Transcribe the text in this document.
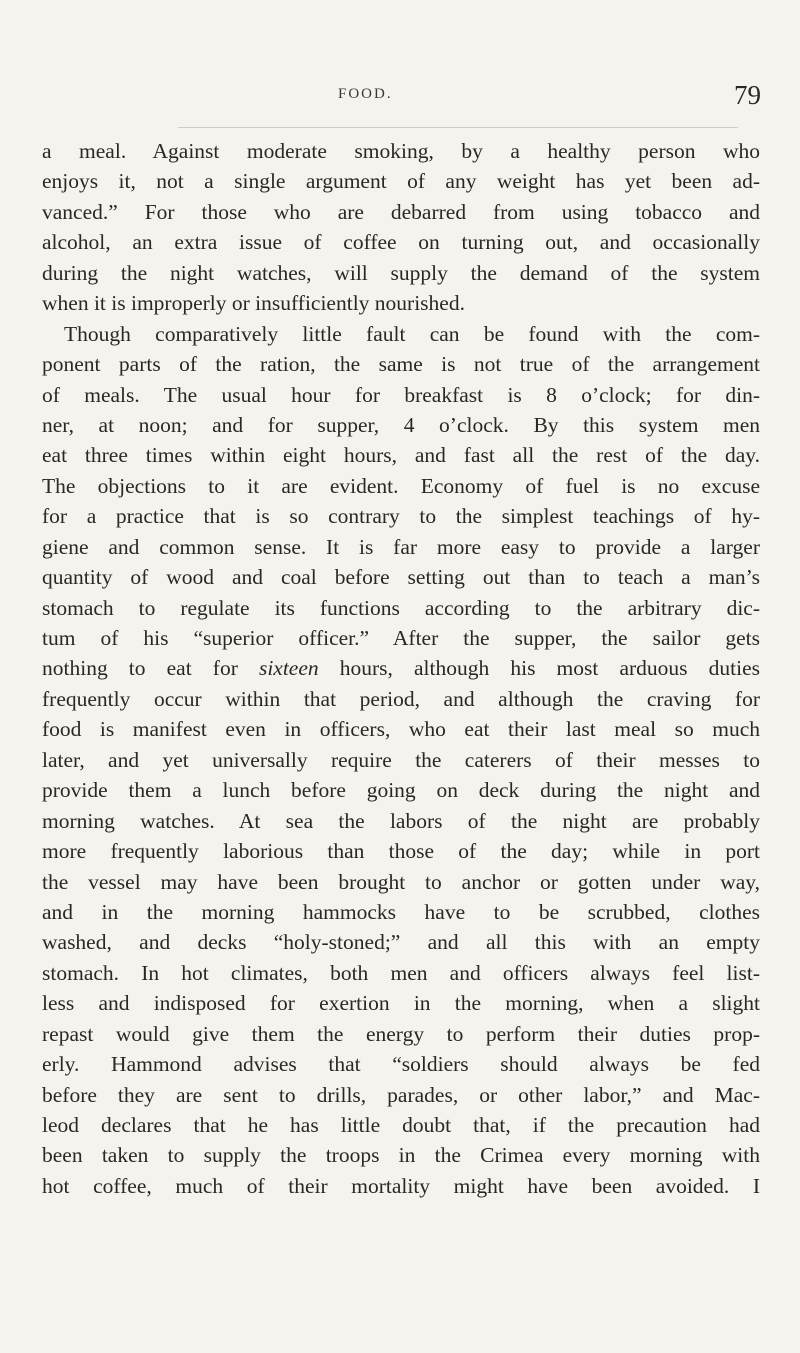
FOOD.	79
a meal. Against moderate smoking, by a healthy person who
enjoys it, not a single argument of any weight has yet been ad-
vanced.” For those who are debarred from using tobacco and
alcohol, an extra issue of coffee on turning out, and occasionally
during the night watches, will supply the demand of the system
when it is improperly or insufficiently nourished.
Though comparatively little fault can be found with the com-
ponent parts of the ration, the same is not true of the arrangement
of meals. The usual hour for breakfast is 8 o’clock; for din-
ner, at noon; and for supper, 4 o’clock. By this system men
eat three times within eight hours, and fast all the rest of the day.
The objections to it are evident. Economy of fuel is no excuse
for a practice that is so contrary to the simplest teachings of hy-
giene and common sense. It is far more easy to provide a larger
quantity of wood and coal before setting out than to teach a man’s
stomach to regulate its functions according to the arbitrary dic-
tum of his “superior officer.” After the supper, the sailor gets
nothing to eat for sixteen hours, although his most arduous duties
frequently occur within that period, and although the craving for
food is manifest even in officers, who eat their last meal so much
later, and yet universally require the caterers of their messes to
provide them a lunch before going on deck during the night and
morning watches. At sea the labors of the night are probably
more frequently laborious than those of the day; while in port
the vessel may have been brought to anchor or gotten under way,
and in the morning hammocks have to be scrubbed, clothes
washed, and decks “holy-stoned;” and all this with an empty
stomach. In hot climates, both men and officers always feel list-
less and indisposed for exertion in the morning, when a slight
repast would give them the energy to perform their duties prop-
erly. Hammond advises that “soldiers should always be fed
before they are sent to drills, parades, or other labor,” and Mac-
leod declares that he has little doubt that, if the precaution had
been taken to supply the troops in the Crimea every morning with
hot coffee, much of their mortality might have been avoided. I
